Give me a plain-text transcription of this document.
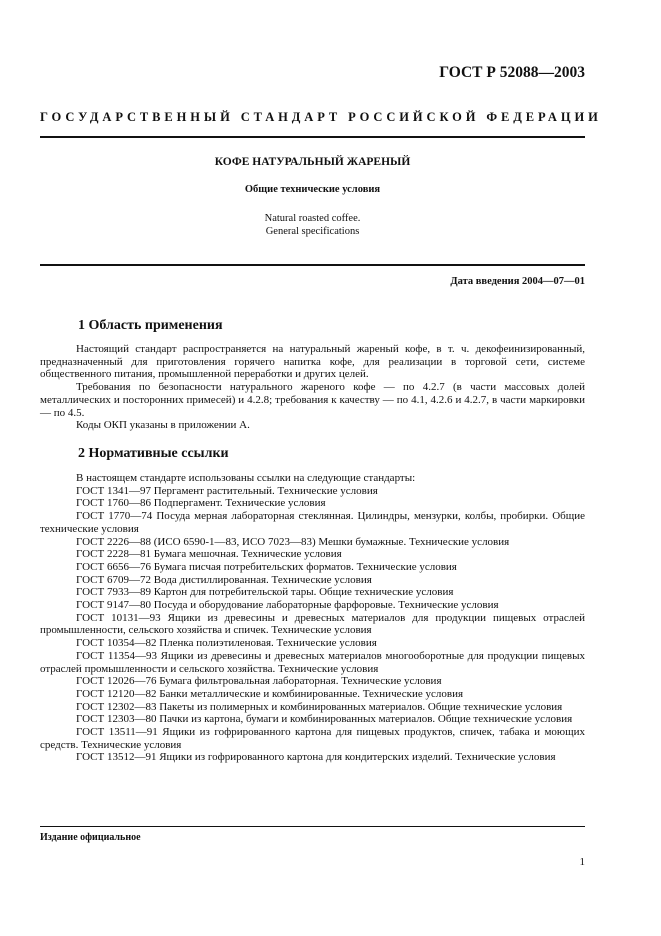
ГОСТ Р 52088—2003
ГОСУДАРСТВЕННЫЙ СТАНДАРТ РОССИЙСКОЙ ФЕДЕРАЦИИ
КОФЕ НАТУРАЛЬНЫЙ ЖАРЕНЫЙ
Общие технические условия
Natural roasted coffee.
General specifications
Дата введения 2004—07—01
1 Область применения

Настоящий стандарт распространяется на натуральный жареный кофе, в т. ч. декофеинизированный, предназначенный для приготовления горячего напитка кофе, для реализации в торговой сети, системе общественного питания, промышленной переработки и других целей.

Требования по безопасности натурального жареного кофе — по 4.2.7 (в части массовых долей металлических и посторонних примесей) и 4.2.8; требования к качеству — по 4.1, 4.2.6 и 4.2.7, в части маркировки — по 4.5.

Коды ОКП указаны в приложении А.

2 Нормативные ссылки

В настоящем стандарте использованы ссылки на следующие стандарты:

ГОСТ 1341—97 Пергамент растительный. Технические условия

ГОСТ 1760—86 Подпергамент. Технические условия

ГОСТ 1770—74 Посуда мерная лабораторная стеклянная. Цилиндры, мензурки, колбы, пробирки. Общие технические условия

ГОСТ 2226—88 (ИСО 6590-1—83, ИСО 7023—83) Мешки бумажные. Технические условия

ГОСТ 2228—81 Бумага мешочная. Технические условия

ГОСТ 6656—76 Бумага писчая потребительских форматов. Технические условия

ГОСТ 6709—72 Вода дистиллированная. Технические условия

ГОСТ 7933—89 Картон для потребительской тары. Общие технические условия

ГОСТ 9147—80 Посуда и оборудование лабораторные фарфоровые. Технические условия

ГОСТ 10131—93 Ящики из древесины и древесных материалов для продукции пищевых отраслей промышленности, сельского хозяйства и спичек. Технические условия

ГОСТ 10354—82 Пленка полиэтиленовая. Технические условия

ГОСТ 11354—93 Ящики из древесины и древесных материалов многооборотные для продукции пищевых отраслей промышленности и сельского хозяйства. Технические условия

ГОСТ 12026—76 Бумага фильтровальная лабораторная. Технические условия

ГОСТ 12120—82 Банки металлические и комбинированные. Технические условия

ГОСТ 12302—83 Пакеты из полимерных и комбинированных материалов. Общие технические условия

ГОСТ 12303—80 Пачки из картона, бумаги и комбинированных материалов. Общие технические условия

ГОСТ 13511—91 Ящики из гофрированного картона для пищевых продуктов, спичек, табака и моющих средств. Технические условия

ГОСТ 13512—91 Ящики из гофрированного картона для кондитерских изделий. Технические условия

Издание официальное
1
